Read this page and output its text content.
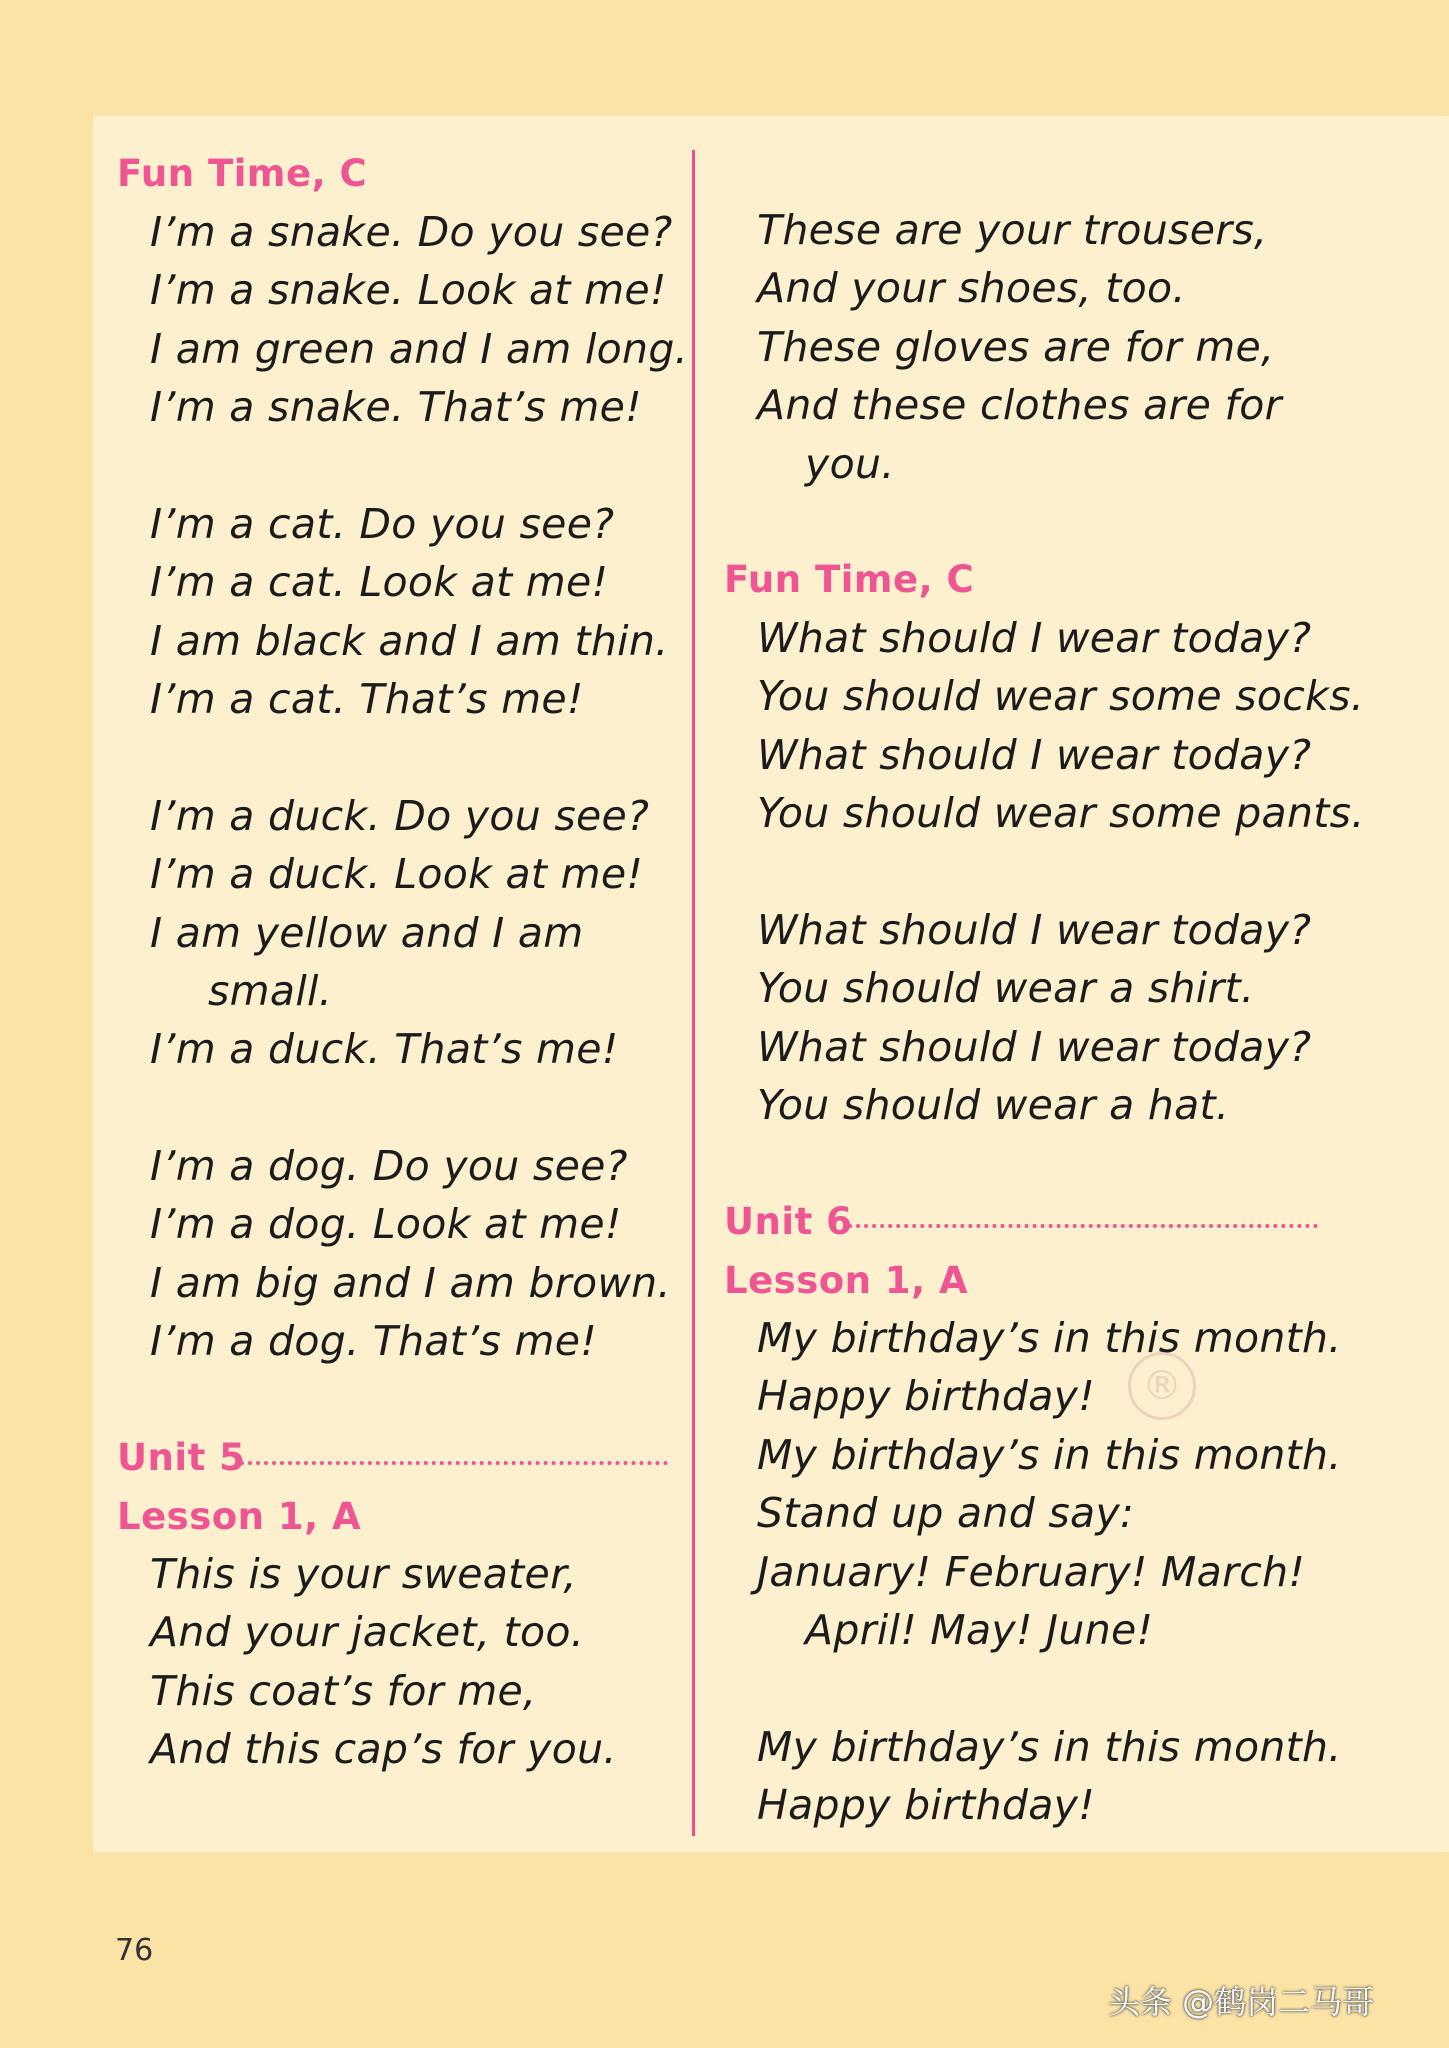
®
Fun Time, C
I’m a snake. Do you see?
I’m a snake. Look at me!
I am green and I am long.
I’m a snake. That’s me!
I’m a cat. Do you see?
I’m a cat. Look at me!
I am black and I am thin.
I’m a cat. That’s me!
I’m a duck. Do you see?
I’m a duck. Look at me!
I am yellow and I am
small.
I’m a duck. That’s me!
I’m a dog. Do you see?
I’m a dog. Look at me!
I am big and I am brown.
I’m a dog. That’s me!
Unit 5
Lesson 1, A
This is your sweater,
And your jacket, too.
This coat’s for me,
And this cap’s for you.
These are your trousers,
And your shoes, too.
These gloves are for me,
And these clothes are for
you.
Fun Time, C
What should I wear today?
You should wear some socks.
What should I wear today?
You should wear some pants.
What should I wear today?
You should wear a shirt.
What should I wear today?
You should wear a hat.
Unit 6
Lesson 1, A
My birthday’s in this month.
Happy birthday!
My birthday’s in this month.
Stand up and say:
January! February! March!
April! May! June!
My birthday’s in this month.
Happy birthday!
76
头条 @鹤岗二马哥
